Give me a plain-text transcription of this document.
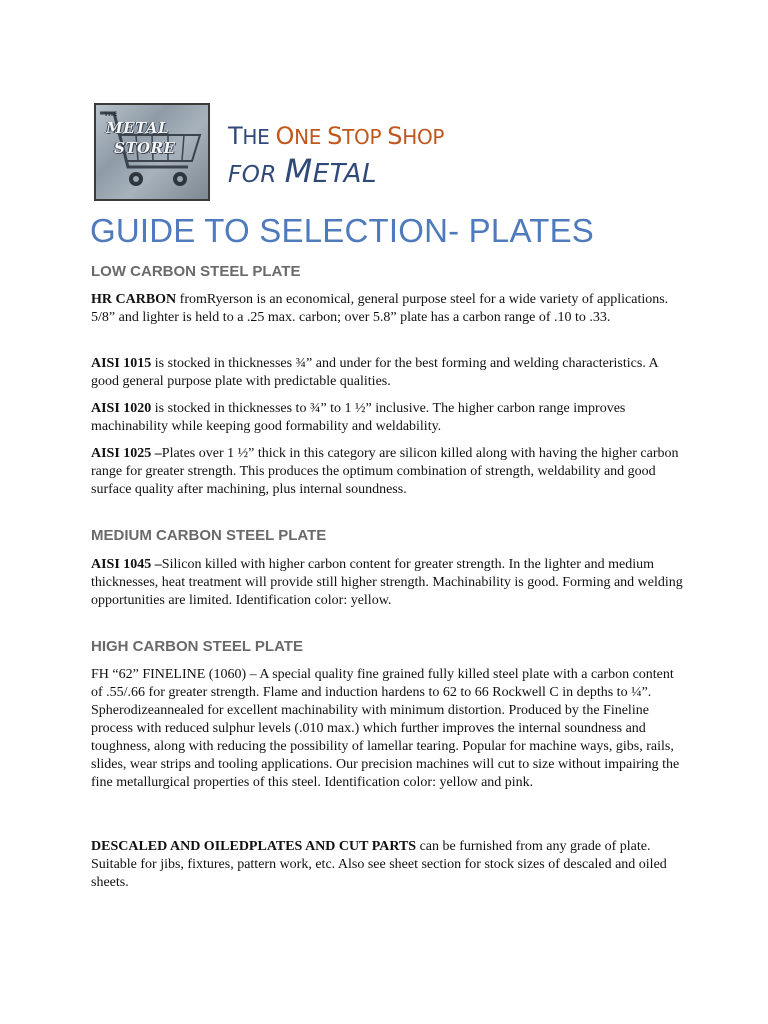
THE
METAL
STORE THE ONE STOP SHOP
FOR METAL
GUIDE TO SELECTION- PLATES
LOW CARBON STEEL PLATE

HR CARBON fromRyerson is an economical, general purpose steel for a wide variety of applications. 5/8” and lighter is held to a .25 max. carbon; over 5.8” plate has a carbon range of .10 to .33.

AISI 1015 is stocked in thicknesses ¾” and under for the best forming and welding characteristics. A good general purpose plate with predictable qualities.

AISI 1020 is stocked in thicknesses to ¾” to 1 ½” inclusive. The higher carbon range improves machinability while keeping good formability and weldability.

AISI 1025 –Plates over 1 ½” thick in this category are silicon killed along with having the higher carbon range for greater strength. This produces the optimum combination of strength, weldability and good surface quality after machining, plus internal soundness.

MEDIUM CARBON STEEL PLATE

AISI 1045 –Silicon killed with higher carbon content for greater strength. In the lighter and medium thicknesses, heat treatment will provide still higher strength. Machinability is good. Forming and welding opportunities are limited. Identification color: yellow.

HIGH CARBON STEEL PLATE

FH “62” FINELINE (1060) – A special quality fine grained fully killed steel plate with a carbon content of .55/.66 for greater strength. Flame and induction hardens to 62 to 66 Rockwell C in depths to ¼”. Spherodizeannealed for excellent machinability with minimum distortion. Produced by the Fineline process with reduced sulphur levels (.010 max.) which further improves the internal soundness and toughness, along with reducing the possibility of lamellar tearing. Popular for machine ways, gibs, rails, slides, wear strips and tooling applications. Our precision machines will cut to size without impairing the fine metallurgical properties of this steel. Identification color: yellow and pink.

DESCALED AND OILEDPLATES AND CUT PARTS can be furnished from any grade of plate. Suitable for jibs, fixtures, pattern work, etc. Also see sheet section for stock sizes of descaled and oiled sheets.
